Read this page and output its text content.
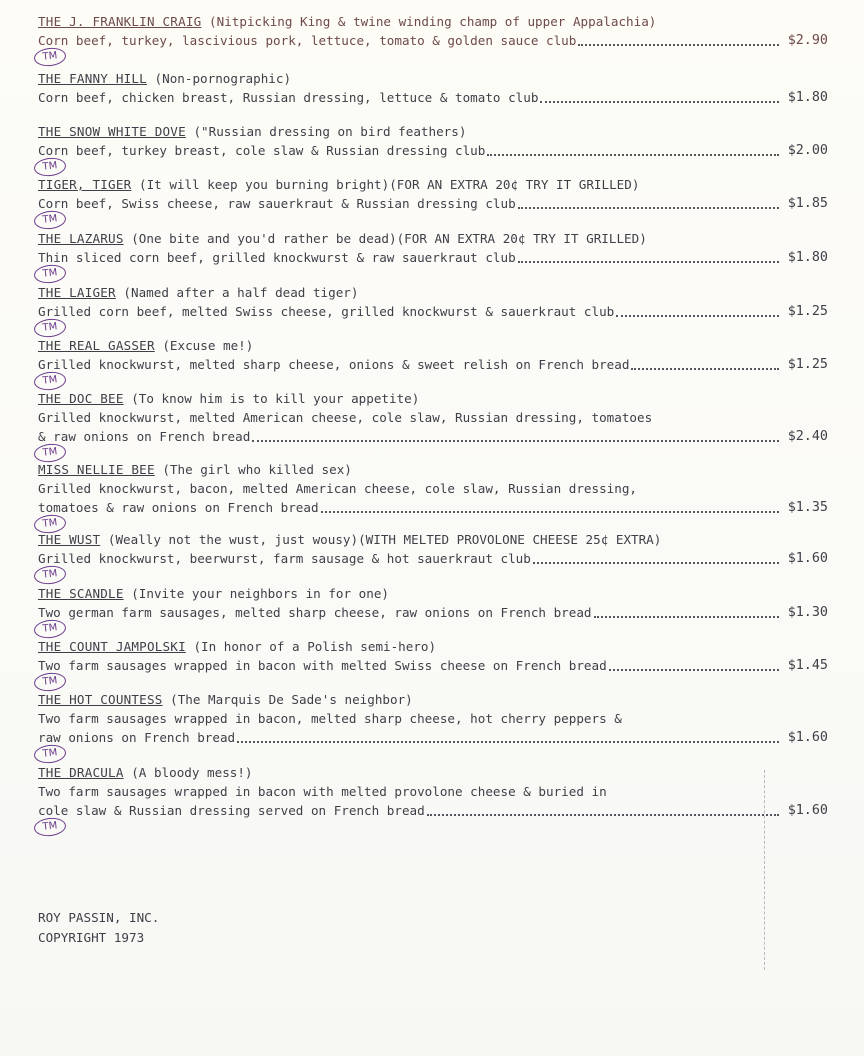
THE J. FRANKLIN CRAIG (Nitpicking King & twine winding champ of upper Appalachia)
Corn beef, turkey, lascivious pork, lettuce, tomato & golden sauce club	$2.90
TM
THE FANNY HILL (Non-pornographic)
Corn beef, chicken breast, Russian dressing, lettuce & tomato club	$1.80
THE SNOW WHITE DOVE ("Russian dressing on bird feathers)
Corn beef, turkey breast, cole slaw & Russian dressing club	$2.00
TM
TIGER, TIGER (It will keep you burning bright)(FOR AN EXTRA 20¢ TRY IT GRILLED)
Corn beef, Swiss cheese, raw sauerkraut & Russian dressing club	$1.85
TM
THE LAZARUS (One bite and you'd rather be dead)(FOR AN EXTRA 20¢ TRY IT GRILLED)
Thin sliced corn beef, grilled knockwurst & raw sauerkraut club	$1.80
TM
THE LAIGER (Named after a half dead tiger)
Grilled corn beef, melted Swiss cheese, grilled knockwurst & sauerkraut club	$1.25
TM
THE REAL GASSER (Excuse me!)
Grilled knockwurst, melted sharp cheese, onions & sweet relish on French bread	$1.25
TM
THE DOC BEE (To know him is to kill your appetite)
Grilled knockwurst, melted American cheese, cole slaw, Russian dressing, tomatoes
& raw onions on French bread	$2.40
TM
MISS NELLIE BEE (The girl who killed sex)
Grilled knockwurst, bacon, melted American cheese, cole slaw, Russian dressing,
tomatoes & raw onions on French bread	$1.35
TM
THE WUST (Weally not the wust, just wousy)(WITH MELTED PROVOLONE CHEESE 25¢ EXTRA)
Grilled knockwurst, beerwurst, farm sausage & hot sauerkraut club	$1.60
TM
THE SCANDLE (Invite your neighbors in for one)
Two german farm sausages, melted sharp cheese, raw onions on French bread	$1.30
TM
THE COUNT JAMPOLSKI (In honor of a Polish semi-hero)
Two farm sausages wrapped in bacon with melted Swiss cheese on French bread	$1.45
TM
THE HOT COUNTESS (The Marquis De Sade's neighbor)
Two farm sausages wrapped in bacon, melted sharp cheese, hot cherry peppers &
raw onions on French bread	$1.60
TM
THE DRACULA (A bloody mess!)
Two farm sausages wrapped in bacon with melted provolone cheese & buried in
cole slaw & Russian dressing served on French bread	$1.60
TM
ROY PASSIN, INC.
COPYRIGHT 1973
